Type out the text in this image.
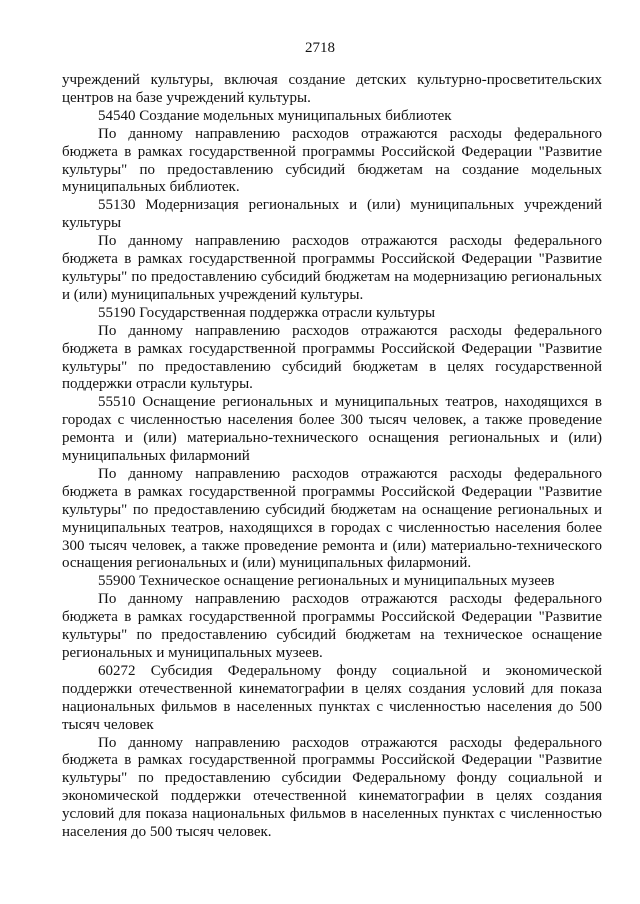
2718

учреждений культуры, включая создание детских культурно-просветительских центров на базе учреждений культуры.

54540 Создание модельных муниципальных библиотек

По данному направлению расходов отражаются расходы федерального бюджета в рамках государственной программы Российской Федерации "Развитие культуры" по предоставлению субсидий бюджетам на создание модельных муниципальных библиотек.

55130 Модернизация региональных и (или) муниципальных учреждений культуры

По данному направлению расходов отражаются расходы федерального бюджета в рамках государственной программы Российской Федерации "Развитие культуры" по предоставлению субсидий бюджетам на модернизацию региональных и (или) муниципальных учреждений культуры.

55190 Государственная поддержка отрасли культуры

По данному направлению расходов отражаются расходы федерального бюджета в рамках государственной программы Российской Федерации "Развитие культуры" по предоставлению субсидий бюджетам в целях государственной поддержки отрасли культуры.

55510 Оснащение региональных и муниципальных театров, находящихся в городах с численностью населения более 300 тысяч человек, а также проведение ремонта и (или) материально-технического оснащения региональных и (или) муниципальных филармоний

По данному направлению расходов отражаются расходы федерального бюджета в рамках государственной программы Российской Федерации "Развитие культуры" по предоставлению субсидий бюджетам на оснащение региональных и муниципальных театров, находящихся в городах с численностью населения более 300 тысяч человек, а также проведение ремонта и (или) материально-технического оснащения региональных и (или) муниципальных филармоний.

55900 Техническое оснащение региональных и муниципальных музеев

По данному направлению расходов отражаются расходы федерального бюджета в рамках государственной программы Российской Федерации "Развитие культуры" по предоставлению субсидий бюджетам на техническое оснащение региональных и муниципальных музеев.

60272 Субсидия Федеральному фонду социальной и экономической поддержки отечественной кинематографии в целях создания условий для показа национальных фильмов в населенных пунктах с численностью населения до 500 тысяч человек

По данному направлению расходов отражаются расходы федерального бюджета в рамках государственной программы Российской Федерации "Развитие культуры" по предоставлению субсидии Федеральному фонду социальной и экономической поддержки отечественной кинематографии в целях создания условий для показа национальных фильмов в населенных пунктах с численностью населения до 500 тысяч человек.
